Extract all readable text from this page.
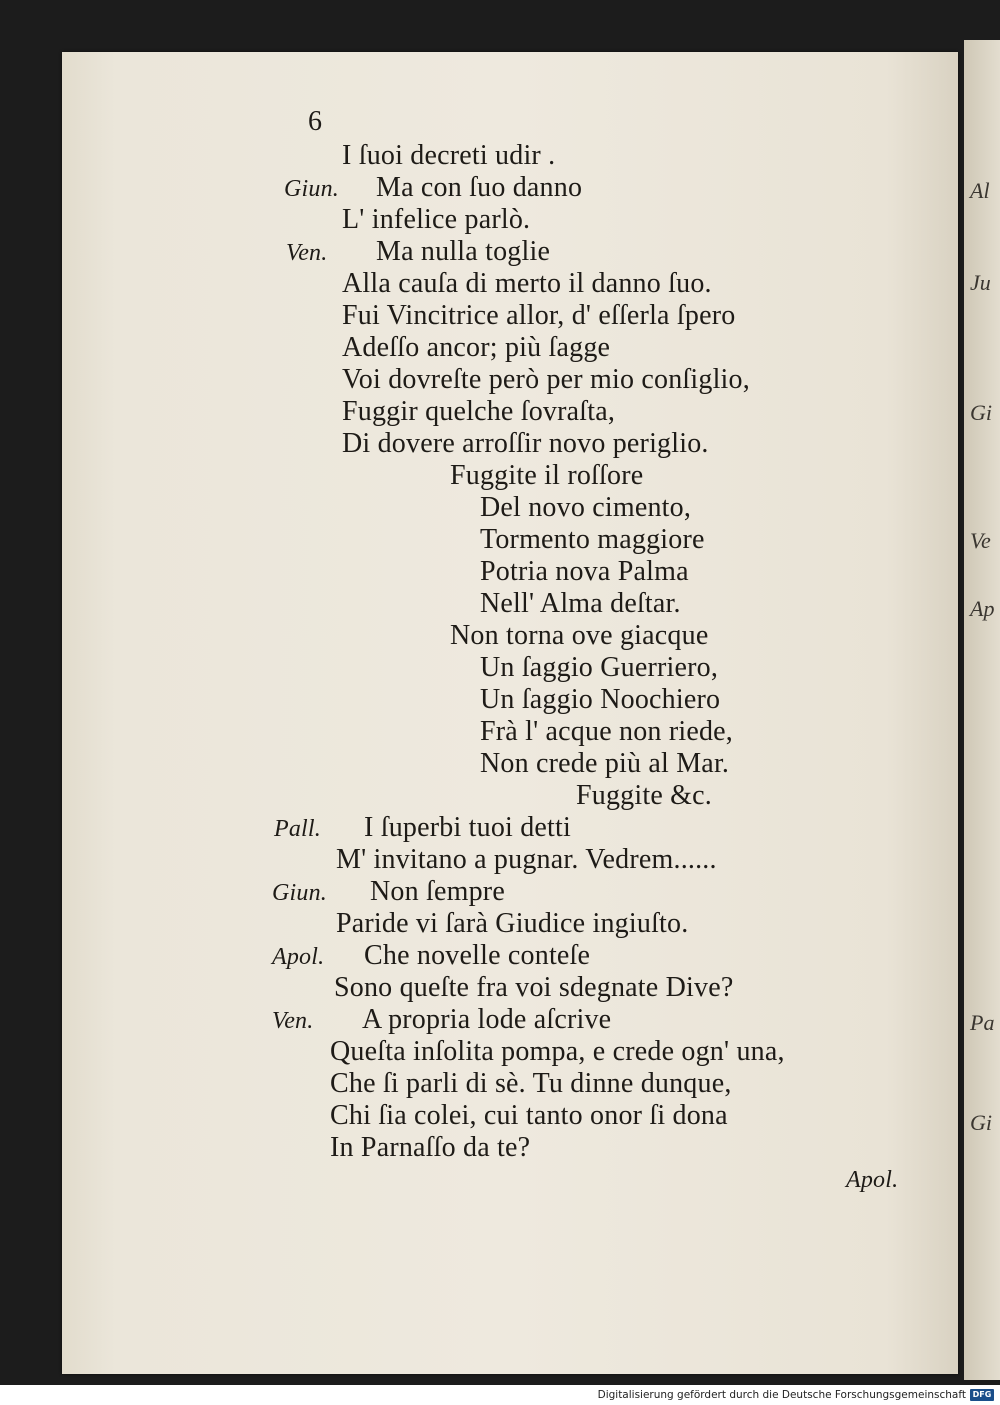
Al
Ju
Gi
Ve
Ap
Pa
Gi
6
I ſuoi decreti udir .
Giun. Ma con ſuo danno
L' infelice parlò.
Ven. Ma nulla toglie
Alla cauſa di merto il danno ſuo.
Fui Vincitrice allor, d' eſſerla ſpero
Adeſſo ancor; più ſagge
Voi dovreſte però per mio conſiglio,
Fuggir quelche ſovraſta,
Di dovere arroſſir novo periglio.
Fuggite il roſſore
Del novo cimento,
Tormento maggiore
Potria nova Palma
Nell' Alma deſtar.
Non torna ove giacque
Un ſaggio Guerriero,
Un ſaggio Noochiero
Frà l' acque non riede,
Non crede più al Mar.
Fuggite &c.
Pall. I ſuperbi tuoi detti
M' invitano a pugnar. Vedrem......
Giun. Non ſempre
Paride vi ſarà Giudice ingiuſto.
Apol. Che novelle conteſe
Sono queſte fra voi sdegnate Dive?
Ven. A propria lode aſcrive
Queſta inſolita pompa, e crede ogn' una,
Che ſi parli di sè. Tu dinne dunque,
Chi ſia colei, cui tanto onor ſi dona
In Parnaſſo da te?
Apol.
Digitalisierung gefördert durch die Deutsche Forschungsgemeinschaft DFG
